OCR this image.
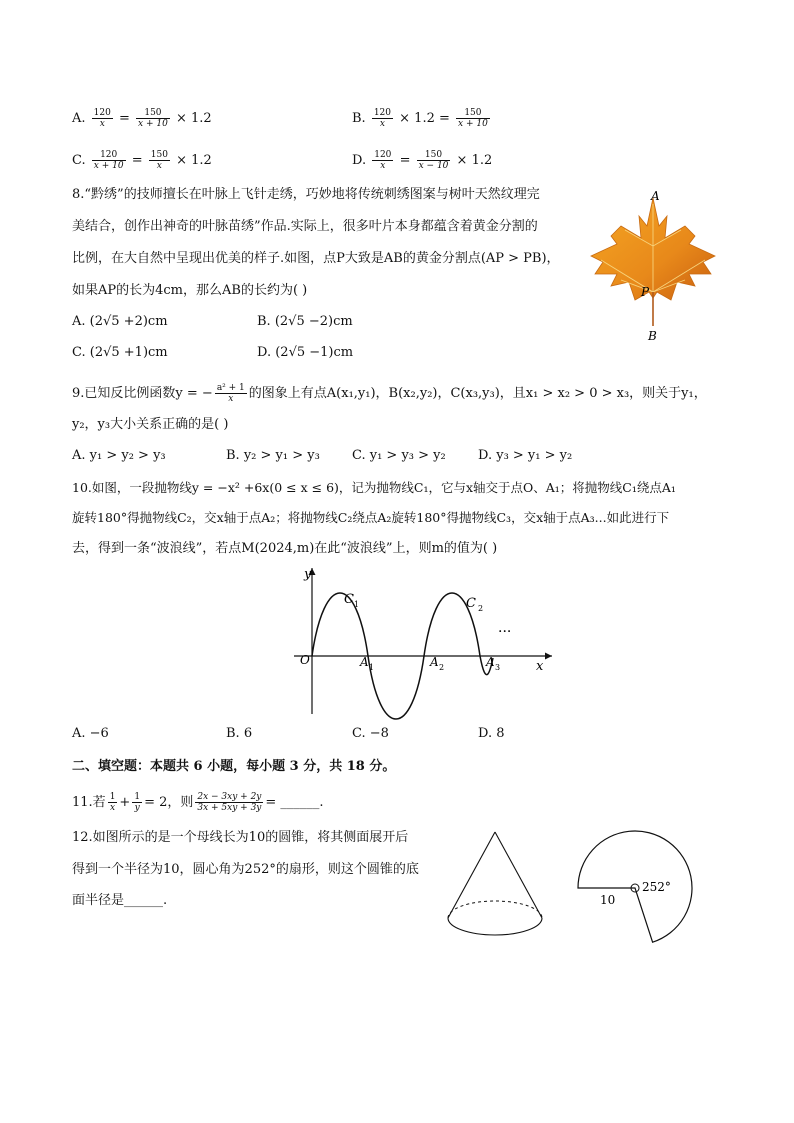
A. $\frac{120}{x} = \frac{150}{x + 10} \times 1.2$	B. $\frac{120}{x} \times 1.2 = \frac{150}{x + 10}$
C. $\frac{120}{x + 10} = \frac{150}{x} \times 1.2$	D. $\frac{120}{x} = \frac{150}{x - 10} \times 1.2$
8.“黔绣”的技师擅长在叶脉上飞针走绣，巧妙地将传统刺绣图案与树叶天然纹理完
美结合，创作出神奇的叶脉苗绣”作品.实际上，很多叶片本身都蕴含着黄金分割的
比例，在大自然中呈现出优美的样子.如图，点P大致是AB的黄金分割点(AP > PB)，
如果AP的长为4cm，那么AB的长约为( )
A. (2√5 +2)cm	B. (2√5 −2)cm
C. (2√5 +1)cm	D. (2√5 −1)cm
A
P
B
9.已知反比例函数y = − $\frac{\text{a² + 1}}{x}$ 的图象上有点A(x₁,y₁)，B(x₂,y₂)，C(x₃,y₃)，且x₁ > x₂ > 0 > x₃，则关于y₁，
y₂，y₃大小关系正确的是( )
A. y₁ > y₂ > y₃	B. y₂ > y₁ > y₃ C. y₁ > y₃ > y₂ D. y₃ > y₁ > y₂
10.如图，一段抛物线y = −x² +6x(0 ≤ x ≤ 6)，记为抛物线C₁，它与x轴交于点O、A₁；将抛物线C₁绕点A₁
旋转180°得抛物线C₂，交x轴于点A₂；将抛物线C₂绕点A₂旋转180°得抛物线C₃，交x轴于点A₃...如此进行下
去，得到一条“波浪线”，若点M(2024,m)在此“波浪线”上，则m的值为( )
y
x
O
C 1	C 2
A 1	A 2	A 3
···
A. −6	B. 6	C. −8	D. 8
二、填空题：本题共 6 小题，每小题 3 分，共 18 分。
11.若 $\frac{1}{x} + \frac{1}{y} = 2$，则 $\frac{2x - 3xy + 2y}{3x + 5xy + 3y}$ = ______.
12.如图所示的是一个母线长为10的圆锥，将其侧面展开后
得到一个半径为10，圆心角为252°的扇形，则这个圆锥的底
面半径是______.	10
252°
